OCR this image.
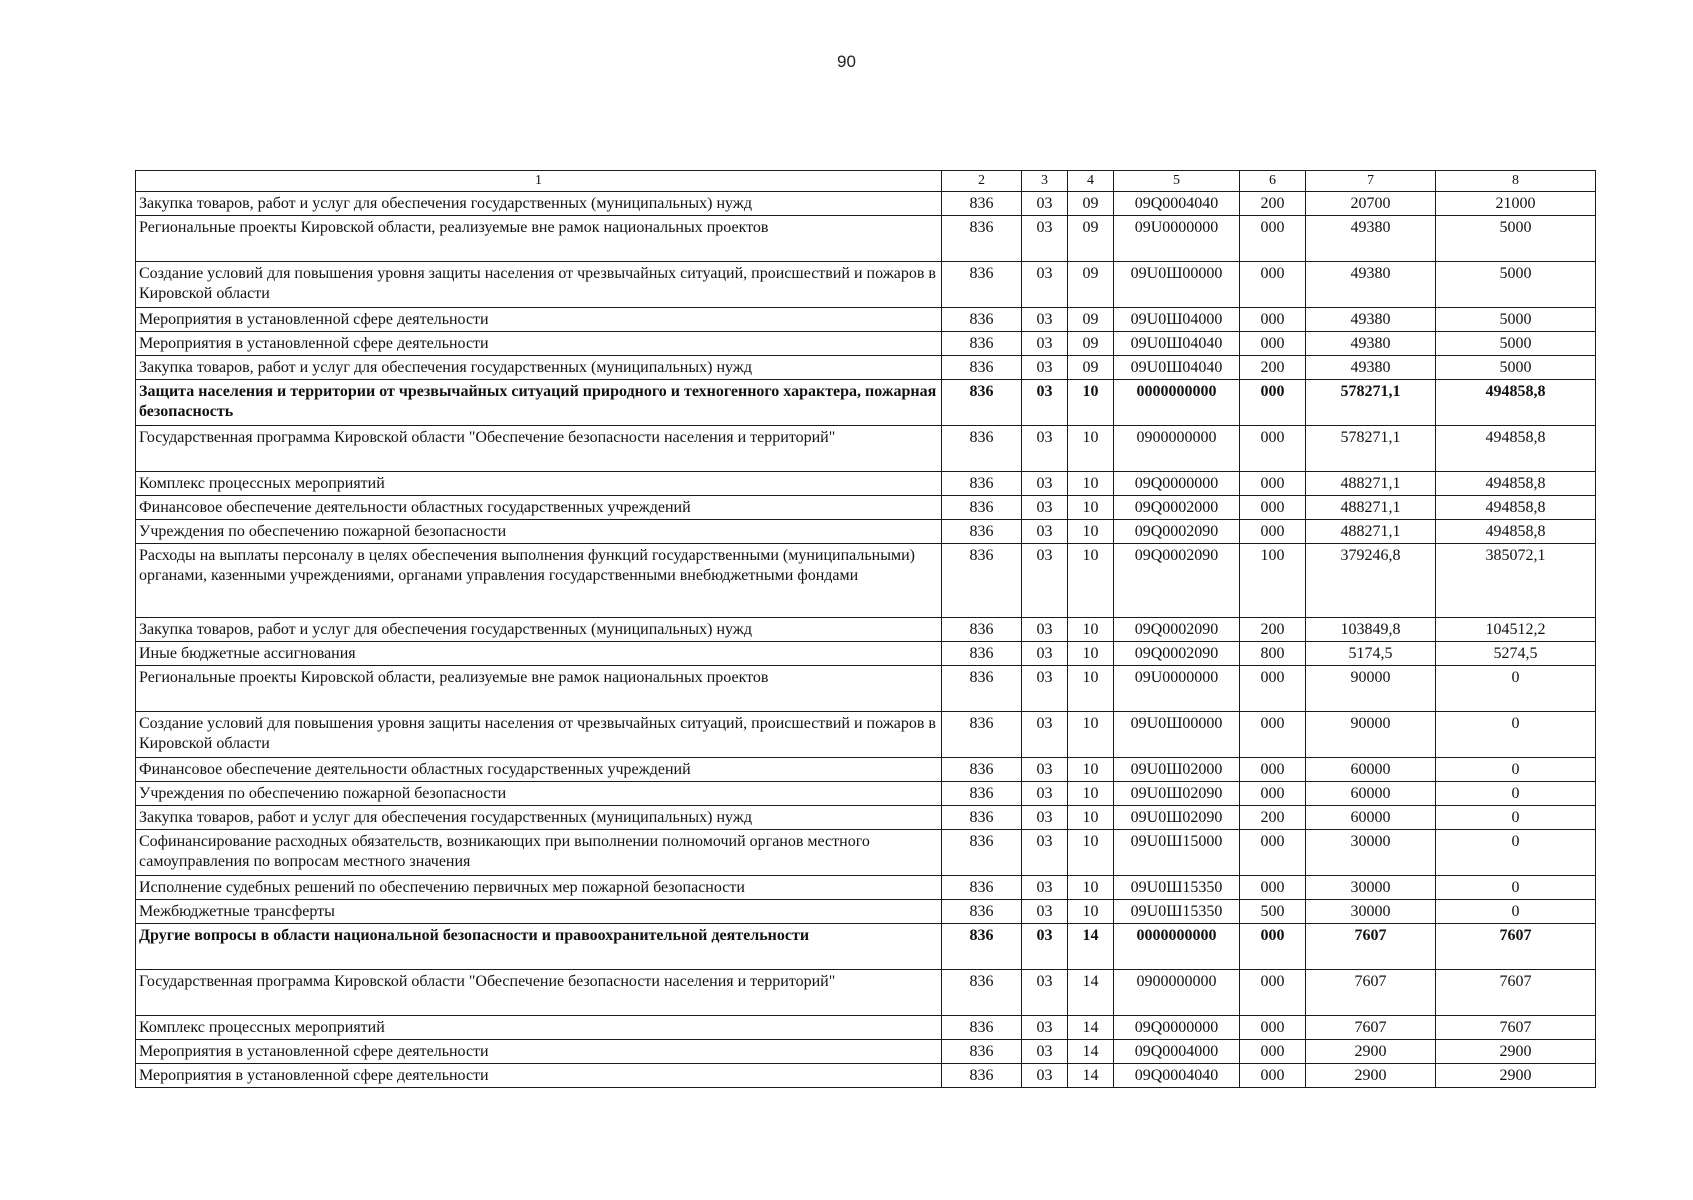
90
1	2	3	4	5	6	7	8
Закупка товаров, работ и услуг для обеспечения государственных (муниципальных) нужд	836	03	09	09Q0004040	200	20700	21000
Региональные проекты Кировской области, реализуемые вне рамок национальных проектов	836	03	09	09U0000000	000	49380	5000
Создание условий для повышения уровня защиты населения от чрезвычайных ситуаций, происшествий и пожаров в Кировской области	836	03	09	09U0Ш00000	000	49380	5000
Мероприятия в установленной сфере деятельности	836	03	09	09U0Ш04000	000	49380	5000
Мероприятия в установленной сфере деятельности	836	03	09	09U0Ш04040	000	49380	5000
Закупка товаров, работ и услуг для обеспечения государственных (муниципальных) нужд	836	03	09	09U0Ш04040	200	49380	5000
Защита населения и территории от чрезвычайных ситуаций природного и техногенного характера, пожарная безопасность	836	03	10	0000000000	000	578271,1	494858,8
Государственная программа Кировской области "Обеспечение безопасности населения и территорий"	836	03	10	0900000000	000	578271,1	494858,8
Комплекс процессных мероприятий	836	03	10	09Q0000000	000	488271,1	494858,8
Финансовое обеспечение деятельности областных государственных учреждений	836	03	10	09Q0002000	000	488271,1	494858,8
Учреждения по обеспечению пожарной безопасности	836	03	10	09Q0002090	000	488271,1	494858,8
Расходы на выплаты персоналу в целях обеспечения выполнения функций государственными (муниципальными) органами, казенными учреждениями, органами управления государственными внебюджетными фондами	836	03	10	09Q0002090	100	379246,8	385072,1
Закупка товаров, работ и услуг для обеспечения государственных (муниципальных) нужд	836	03	10	09Q0002090	200	103849,8	104512,2
Иные бюджетные ассигнования	836	03	10	09Q0002090	800	5174,5	5274,5
Региональные проекты Кировской области, реализуемые вне рамок национальных проектов	836	03	10	09U0000000	000	90000	0
Создание условий для повышения уровня защиты населения от чрезвычайных ситуаций, происшествий и пожаров в Кировской области	836	03	10	09U0Ш00000	000	90000	0
Финансовое обеспечение деятельности областных государственных учреждений	836	03	10	09U0Ш02000	000	60000	0
Учреждения по обеспечению пожарной безопасности	836	03	10	09U0Ш02090	000	60000	0
Закупка товаров, работ и услуг для обеспечения государственных (муниципальных) нужд	836	03	10	09U0Ш02090	200	60000	0
Софинансирование расходных обязательств, возникающих при выполнении полномочий органов местного самоуправления по вопросам местного значения	836	03	10	09U0Ш15000	000	30000	0
Исполнение судебных решений по обеспечению первичных мер пожарной безопасности	836	03	10	09U0Ш15350	000	30000	0
Межбюджетные трансферты	836	03	10	09U0Ш15350	500	30000	0
Другие вопросы в области национальной безопасности и правоохранительной деятельности	836	03	14	0000000000	000	7607	7607
Государственная программа Кировской области "Обеспечение безопасности населения и территорий"	836	03	14	0900000000	000	7607	7607
Комплекс процессных мероприятий	836	03	14	09Q0000000	000	7607	7607
Мероприятия в установленной сфере деятельности	836	03	14	09Q0004000	000	2900	2900
Мероприятия в установленной сфере деятельности	836	03	14	09Q0004040	000	2900	2900
